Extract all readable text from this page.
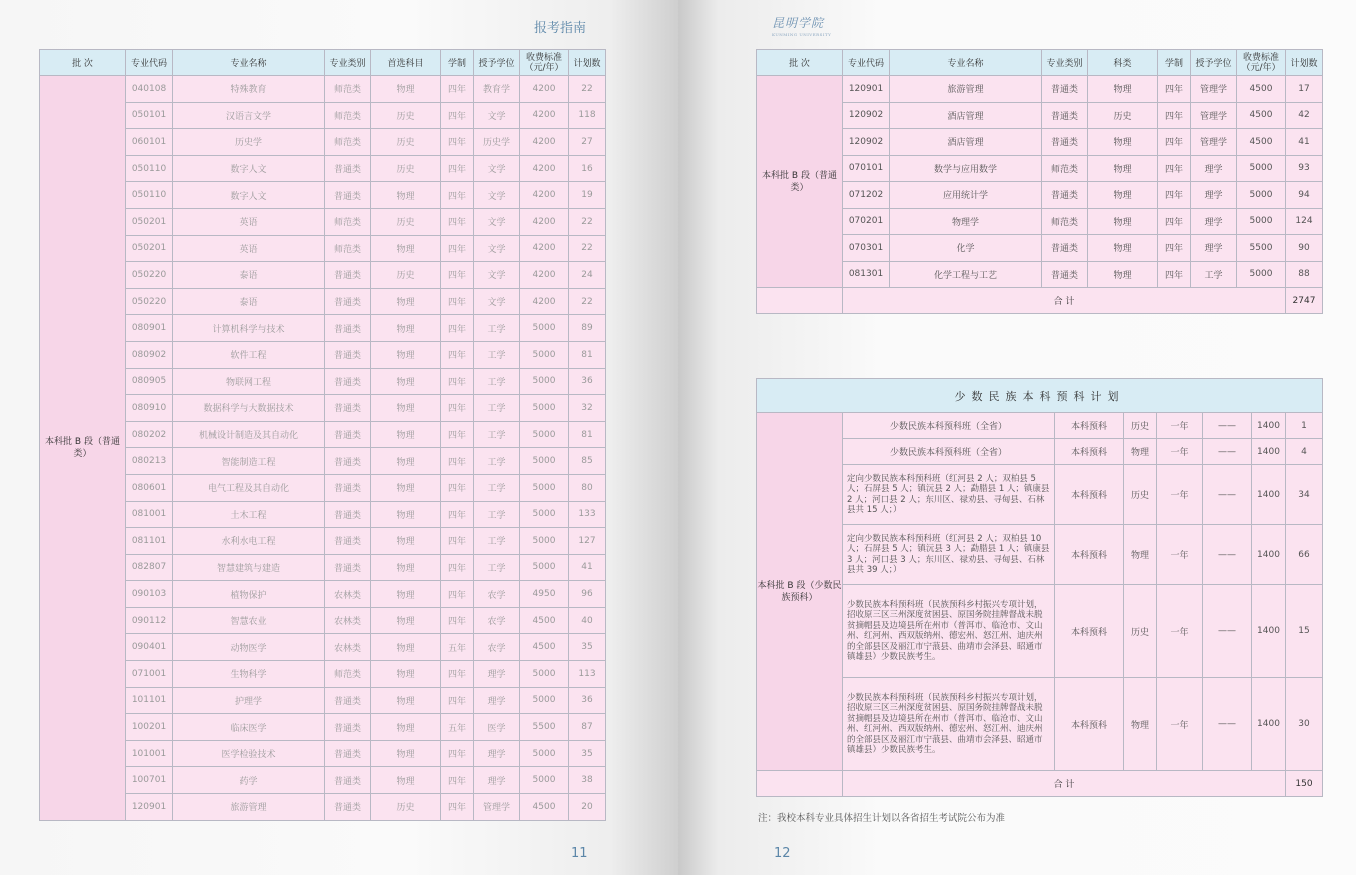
报考指南
批 次	专业代码	专业名称	专业类别	首选科目	学制	授予学位	收费标准（元/年）	计划数
本科批 B 段（普通类）	040108	特殊教育	师范类	物理	四年	教育学	4200	22
	050101	汉语言文学	师范类	历史	四年	文学	4200	118
	060101	历史学	师范类	历史	四年	历史学	4200	27
	050110	数字人文	普通类	历史	四年	文学	4200	16
	050110	数字人文	普通类	物理	四年	文学	4200	19
	050201	英语	师范类	历史	四年	文学	4200	22
	050201	英语	师范类	物理	四年	文学	4200	22
	050220	泰语	普通类	历史	四年	文学	4200	24
	050220	泰语	普通类	物理	四年	文学	4200	22
	080901	计算机科学与技术	普通类	物理	四年	工学	5000	89
	080902	软件工程	普通类	物理	四年	工学	5000	81
	080905	物联网工程	普通类	物理	四年	工学	5000	36
	080910	数据科学与大数据技术	普通类	物理	四年	工学	5000	32
	080202	机械设计制造及其自动化	普通类	物理	四年	工学	5000	81
	080213	智能制造工程	普通类	物理	四年	工学	5000	85
	080601	电气工程及其自动化	普通类	物理	四年	工学	5000	80
	081001	土木工程	普通类	物理	四年	工学	5000	133
	081101	水利水电工程	普通类	物理	四年	工学	5000	127
	082807	智慧建筑与建造	普通类	物理	四年	工学	5000	41
	090103	植物保护	农林类	物理	四年	农学	4950	96
	090112	智慧农业	农林类	物理	四年	农学	4500	40
	090401	动物医学	农林类	物理	五年	农学	4500	35
	071001	生物科学	师范类	物理	四年	理学	5000	113
	101101	护理学	普通类	物理	四年	理学	5000	36
	100201	临床医学	普通类	物理	五年	医学	5500	87
	101001	医学检验技术	普通类	物理	四年	理学	5000	35
	100701	药学	普通类	物理	四年	理学	5000	38
	120901	旅游管理	普通类	历史	四年	管理学	4500	20
11
昆明学院
KUNMING UNIVERSITY
批 次	专业代码	专业名称	专业类别	科类	学制	授予学位	收费标准（元/年）	计划数
本科批 B 段（普通类）	120901	旅游管理	普通类	物理	四年	管理学	4500	17
	120902	酒店管理	普通类	历史	四年	管理学	4500	42
	120902	酒店管理	普通类	物理	四年	管理学	4500	41
	070101	数学与应用数学	师范类	物理	四年	理学	5000	93
	071202	应用统计学	普通类	物理	四年	理学	5000	94
	070201	物理学	师范类	物理	四年	理学	5000	124
	070301	化学	普通类	物理	四年	理学	5500	90
	081301	化学工程与工艺	普通类	物理	四年	工学	5000	88
	合 计							2747
少数民族本科预科计划							
本科批 B 段（少数民族预科）	少数民族本科预科班（全省）	本科预科	历史	一年	——	1400	1
	少数民族本科预科班（全省）	本科预科	物理	一年	——	1400	4
	定向少数民族本科预科班（红河县 2 人；双柏县 5 人；石屏县 5 人；镇沅县 2 人；勐腊县 1 人；镇康县 2 人；河口县 2 人；东川区、禄劝县、寻甸县、石林县共 15 人；）	本科预科	历史	一年	——	1400	34
	定向少数民族本科预科班（红河县 2 人；双柏县 10 人；石屏县 5 人；镇沅县 3 人；勐腊县 1 人；镇康县 3 人；河口县 3 人；东川区、禄劝县、寻甸县、石林县共 39 人；）	本科预科	物理	一年	——	1400	66
	少数民族本科预科班（民族预科乡村振兴专项计划，招收原三区三州深度贫困县、原国务院挂牌督战未脱贫摘帽县及边境县所在州市（普洱市、临沧市、文山州、红河州、西双版纳州、德宏州、怒江州、迪庆州的全部县区及丽江市宁蒗县、曲靖市会泽县、昭通市镇雄县）少数民族考生。	本科预科	历史	一年	——	1400	15
	少数民族本科预科班（民族预科乡村振兴专项计划，招收原三区三州深度贫困县、原国务院挂牌督战未脱贫摘帽县及边境县所在州市（普洱市、临沧市、文山州、红河州、西双版纳州、德宏州、怒江州、迪庆州的全部县区及丽江市宁蒗县、曲靖市会泽县、昭通市镇雄县）少数民族考生。	本科预科	物理	一年	——	1400	30
	合 计						150
注：我校本科专业具体招生计划以各省招生考试院公布为准
12
